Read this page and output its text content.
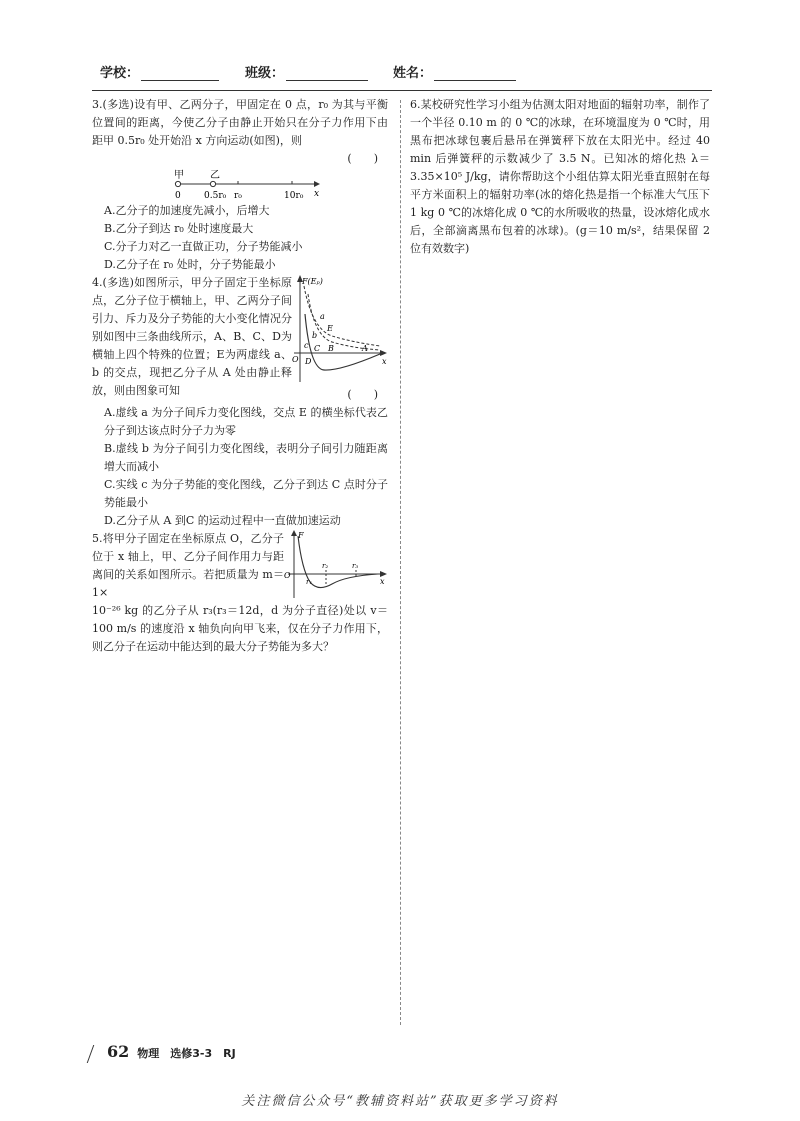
学校：	班级：	姓名：

3.(多选)设有甲、乙两分子，甲固定在 0 点，r₀ 为其与平衡位置间的距离，今使乙分子由静止开始只在分子力作用下由距甲 0.5r₀ 处开始沿 x 方向运动(如图)，则

(　　)
甲	乙
0	0.5r₀ r₀	10r₀ x

A.乙分子的加速度先减小，后增大

B.乙分子到达 r₀ 处时速度最大

C.分子力对乙一直做正功，分子势能减小

D.乙分子在 r₀ 处时，分子势能最小

F(Eₚ)
a
E
b
c C B	A
O D	x

4.(多选)如图所示，甲分子固定于坐标原点，乙分子位于横轴上，甲、乙两分子间引力、斥力及分子势能的大小变化情况分别如图中三条曲线所示，A、B、C、D为横轴上四个特殊的位置；E为两虚线 a、b 的交点，现把乙分子从 A 处由静止释放，则由图象可知	(　　)

A.虚线 a 为分子间斥力变化图线，交点 E 的横坐标代表乙分子到达该点时分子力为零

B.虚线 b 为分子间引力变化图线，表明分子间引力随距离增大而减小

C.实线 c 为分子势能的变化图线，乙分子到达 C 点时分子势能最小

D.乙分子从 A 到C 的运动过程中一直做加速运动

F
O
r₁
r₂	r₃
x

5.将甲分子固定在坐标原点 O，乙分子位于 x 轴上，甲、乙分子间作用力与距离间的关系如图所示。若把质量为 m＝1×

10⁻²⁶ kg 的乙分子从 r₃(r₃＝12d，d 为分子直径)处以 v＝100 m/s 的速度沿 x 轴负向向甲飞来，仅在分子力作用下，则乙分子在运动中能达到的最大分子势能为多大？

6.某校研究性学习小组为估测太阳对地面的辐射功率，制作了一个半径 0.10 m 的 0 ℃的冰球，在环境温度为 0 ℃时，用黑布把冰球包裹后悬吊在弹簧秤下放在太阳光中。经过 40 min 后弹簧秤的示数减少了 3.5 N。已知冰的熔化热 λ＝3.35×10⁵ J/kg，请你帮助这个小组估算太阳光垂直照射在每平方米面积上的辐射功率(冰的熔化热是指一个标准大气压下 1 kg 0 ℃的冰熔化成 0 ℃的水所吸收的热量，设冰熔化成水后，全部滴离黑布包着的冰球)。(g＝10 m/s²，结果保留 2 位有效数字)

62 物理　选修3-3　RJ
关注微信公众号“教辅资料站”获取更多学习资料
